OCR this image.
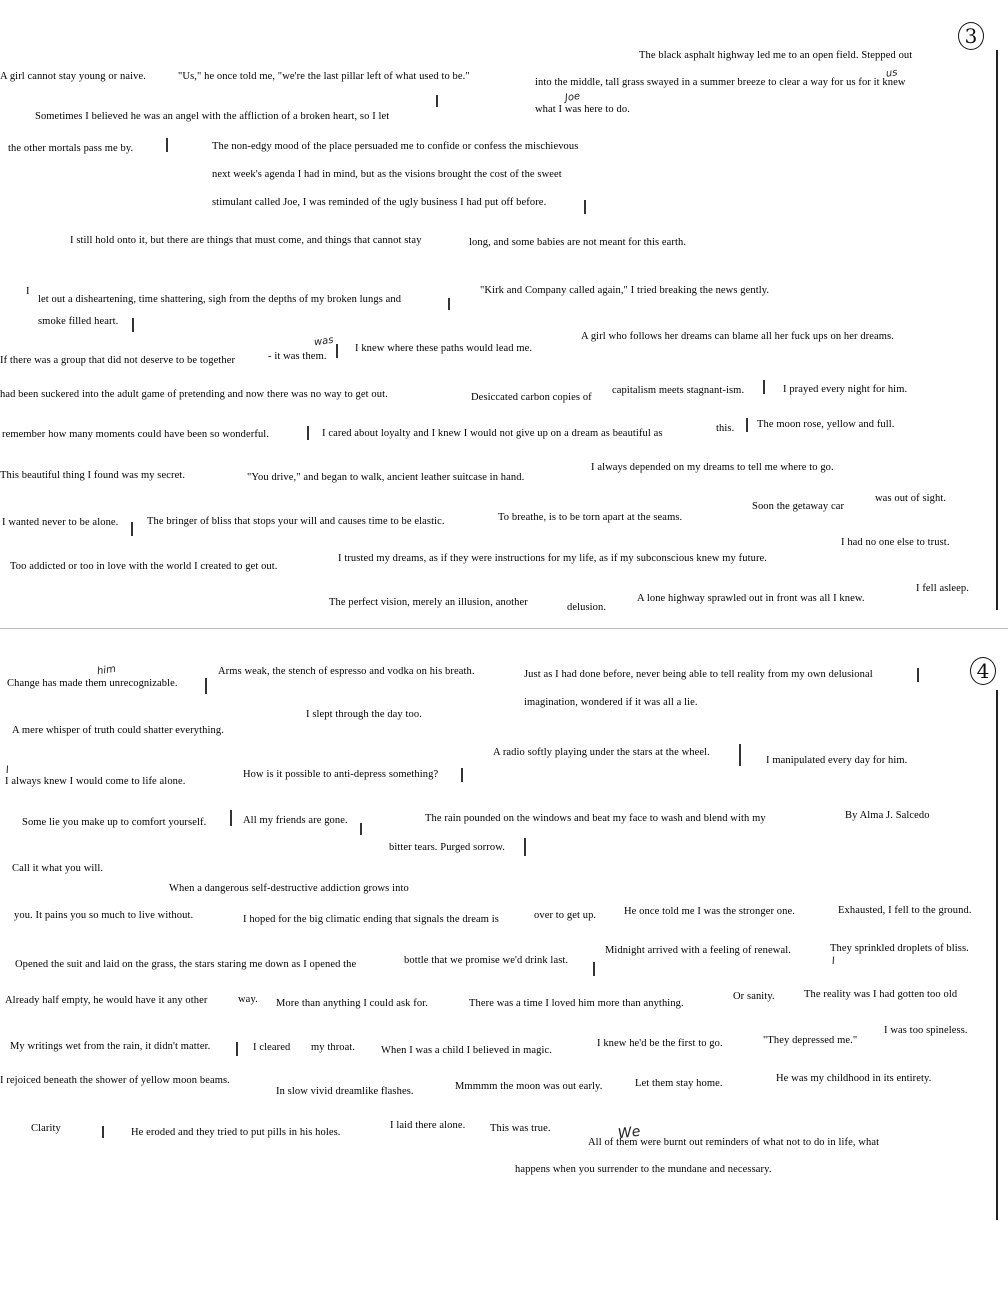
3
4
The black asphalt highway led me to an open field. Stepped out
A girl cannot stay young or naive.	"Us," he once told me, "we're the last pillar left of what used to be."
into the middle, tall grass swayed in a summer breeze to clear a way for us for it knew
what I was here to do.
Sometimes I believed he was an angel with the affliction of a broken heart, so I let
the other mortals pass me by.	The non-edgy mood of the place persuaded me to confide or confess the mischievous
next week's agenda I had in mind, but as the visions brought the cost of the sweet
stimulant called Joe, I was reminded of the ugly business I had put off before.
I still hold onto it, but there are things that must come, and things that cannot stay	long, and some babies are not meant for this earth.
I
let out a disheartening, time shattering, sigh from the depths of my broken lungs and
"Kirk and Company called again," I tried breaking the news gently.
smoke filled heart.
If there was a group that did not deserve to be together	- it was them.
I knew where these paths would lead me.
A girl who follows her dreams can blame all her fuck ups on her dreams.
had been suckered into the adult game of pretending and now there was no way to get out.	Desiccated carbon copies of
capitalism meets stagnant-ism.	I prayed every night for him.
remember how many moments could have been so wonderful.	I cared about loyalty and I knew I would not give up on a dream as beautiful as	this. The moon rose, yellow and full.
This beautiful thing I found was my secret.	"You drive," and began to walk, ancient leather suitcase in hand.
I always depended on my dreams to tell me where to go.
I wanted never to be alone.	The bringer of bliss that stops your will and causes time to be elastic.	To breathe, is to be torn apart at the seams.
Soon the getaway car
was out of sight.
Too addicted or too in love with the world I created to get out.
I trusted my dreams, as if they were instructions for my life, as if my subconscious knew my future.
I had no one else to trust.
I fell asleep.
The perfect vision, merely an illusion, another	delusion.
A lone highway sprawled out in front was all I knew.
was
Joe
us
Change has made them unrecognizable.
Arms weak, the stench of espresso and vodka on his breath.	Just as I had done before, never being able to tell reality from my own delusional
imagination, wondered if it was all a lie.
I slept through the day too.
A mere whisper of truth could shatter everything.
A radio softly playing under the stars at the wheel.
I manipulated every day for him.
I always knew I would come to life alone.
How is it possible to anti-depress something?
Some lie you make up to comfort yourself.	All my friends are gone.	The rain pounded on the windows and beat my face to wash and blend with my	By Alma J. Salcedo
bitter tears. Purged sorrow.
Call it what you will.
When a dangerous self-destructive addiction grows into
you. It pains you so much to live without.	I hoped for the big climatic ending that signals the dream is	over to get up.	He once told me I was the stronger one.	Exhausted, I fell to the ground.
Opened the suit and laid on the grass, the stars staring me down as I opened the	bottle that we promise we'd drink last.
Midnight arrived with a feeling of renewal.	They sprinkled droplets of bliss.
Already half empty, he would have it any other	way. More than anything I could ask for.	There was a time I loved him more than anything.
Or sanity.	The reality was I had gotten too old
My writings wet from the rain, it didn't matter.	I cleared my throat. When I was a child I believed in magic.
I knew he'd be the first to go.	"They depressed me."
I was too spineless.
I rejoiced beneath the shower of yellow moon beams.
In slow vivid dreamlike flashes.	Mmmmm the moon was out early.	Let them stay home.	He was my childhood in its entirety.
Clarity	He eroded and they tried to put pills in his holes.
I laid there alone. This was true.
All of them were burnt out reminders of what not to do in life, what
happens when you surrender to the mundane and necessary.
him
I
We
I
